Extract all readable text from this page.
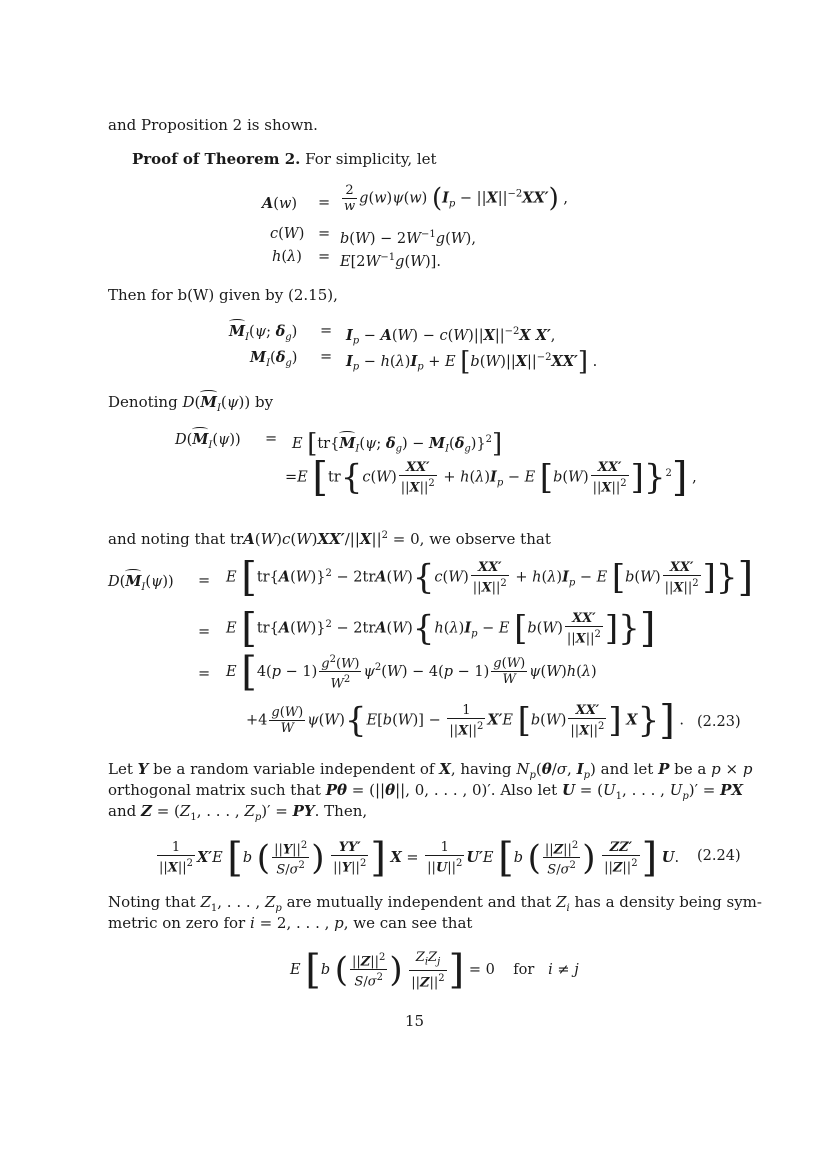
and Proposition 2 is shown.
Proof of Theorem 2. For simplicity, let
$A(w) = \frac{2}{w} g(w)\psi(w) (I_p - ||X||^{-2}XX')$ ,
$c(W) = b(W) - 2W^{-1}g(W)$,
$h(\lambda) = E[2W^{-1}g(W)]$.
Then for b(W) given by (2.15),
$M_I(\psi$; $\delta_g) = I_p - A(W) - c(W)||X||^{-2}X$ X′,
$M_I(\delta_g) = I_p - h(\lambda)I_p + E$ $[b(W)||X||^{-2}XX']$ .
Denoting $D(M_I(\psi))$ by
$D(M_I(\psi)) = E$ [$tr\{M_I(\psi$; $\delta_g) - M_I(\delta_g)\}^2$]
=E [$tr\{c(W) \frac{XX'}{||X||^2} + h(\lambda)I_p - E$ $[b(W) \frac{XX'}{||X||^2} ]\}^2$] ,
and noting that $trA(W)c(W)XX'/||X||^2 = 0$, we observe that
$D(M_I(\psi)) = E$ [$tr\{A(W)\}^2 - 2trA(W)\{c(W) \frac{XX'}{||X||^2} + h(\lambda)I_p - E$ [$b(W) \frac{XX'}{||X||^2}$ ]}]
= E [$tr\{A(W)\}^2 - 2trA(W)\{h(\lambda)I_p - E$ [$b(W) \frac{XX'}{||X||^2}$ ]}]
= E [$4(p - 1) \frac{g^2(W)}{W^2} \psi^2(W) - 4(p - 1) \frac{g(W)}{W} \psi(W)h(\lambda)$
$+4 \frac{g(W)}{W} \psi(W)\{E[b(W)] - \frac{1}{||X||^2} X'E$ [$b(W) \frac{XX'}{||X||^2}$ ] X}] . (2.23)
Let Y be a random variable independent of X, having $N_p(\theta/\sigma$, $I_p$) and let P be a p × p
orthogonal matrix such that Pθ = (||θ||, 0, . . . , 0)′. Also let $U = (U_1$, . . . , $U_p)'$ = PX
and $Z = (Z_1$, . . . , $Z_p)'$ = PY. Then,
$\frac{1}{||X||^2} X'E$ [b ( $\frac{||Y||^2}{S/\sigma^2}$ ) $\frac{YY'}{||Y||^2}$ ] $X = \frac{1}{||U||^2} U'E$ [b ( $\frac{||Z||^2}{S/\sigma^2}$ ) $\frac{ZZ'}{||Z||^2}$ ] U. (2.24)
Noting that $Z_1$, . . . , $Z_p$ are mutually independent and that $Z_i$ has a density being sym-
metric on zero for i = 2, . . . , p, we can see that
E [b ( $\frac{||Z||^2}{S/\sigma^2}$ ) $\frac{Z_iZ_j}{||Z||^2}$ ] = 0    for   i ≠ j
15
